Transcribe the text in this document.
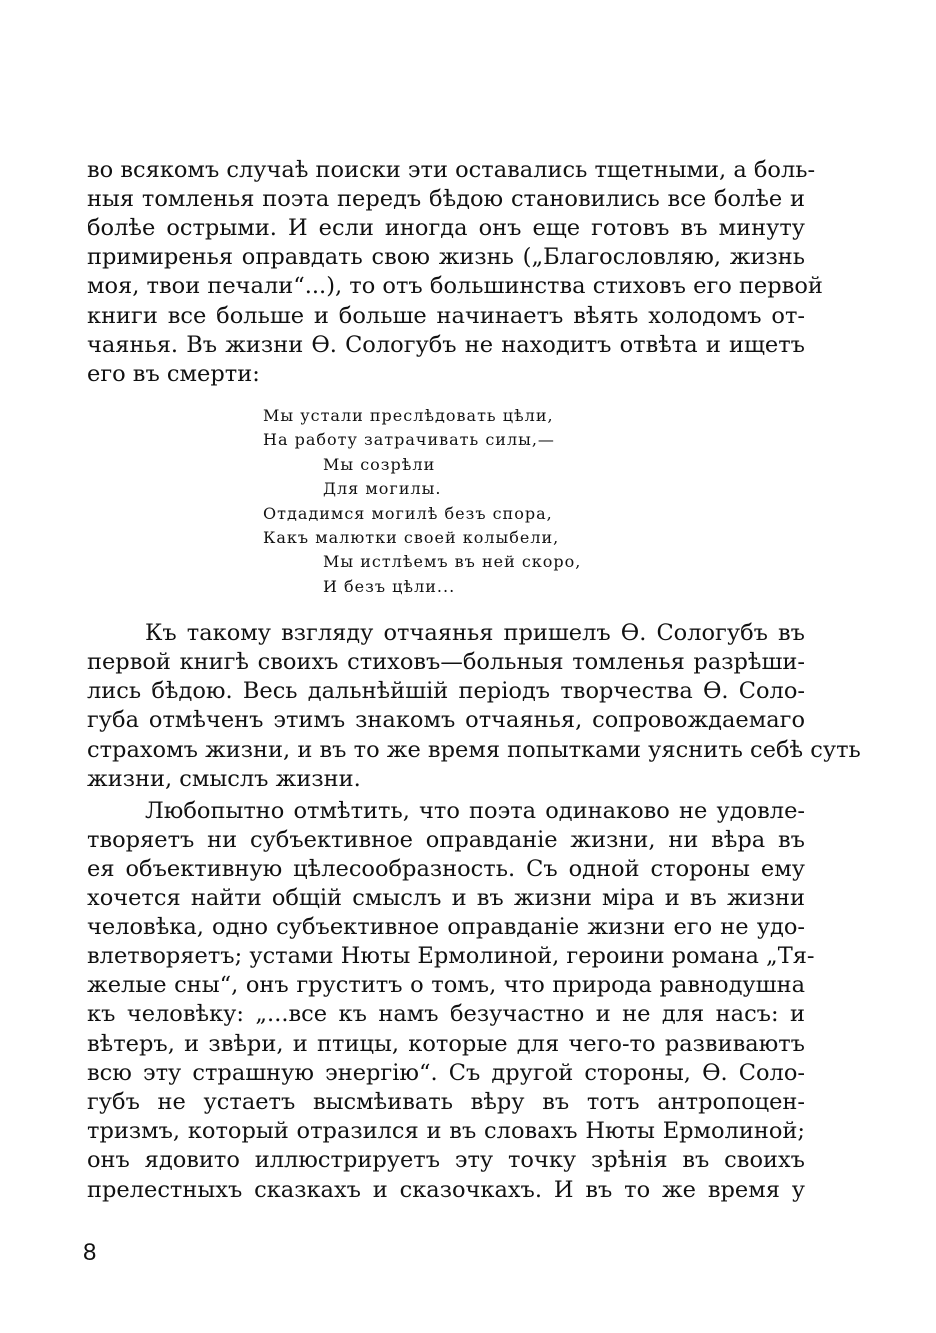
во всякомъ случаѣ поиски эти оставались тщетными, а боль-
ныя томленья поэта передъ бѣдою становились все болѣе и
болѣе острыми. И если иногда онъ еще готовъ въ минуту
примиренья оправдать свою жизнь („Благословляю, жизнь
моя, твои печали“...), то отъ большинства стиховъ его первой
книги все больше и больше начинаетъ вѣять холодомъ от-
чаянья. Въ жизни Ѳ. Сологубъ не находитъ отвѣта и ищетъ
его въ смерти:
Мы устали преслѣдовать цѣли,
На работу затрачивать силы,—
Мы созрѣли
Для могилы.
Отдадимся могилѣ безъ спора,
Какъ малютки своей колыбели,
Мы истлѣемъ въ ней скоро,
И безъ цѣли...
Къ такому взгляду отчаянья пришелъ Ѳ. Сологубъ въ
первой книгѣ своихъ стиховъ—больныя томленья разрѣши-
лись бѣдою. Весь дальнѣйшій періодъ творчества Ѳ. Соло-
губа отмѣченъ этимъ знакомъ отчаянья, сопровождаемаго
страхомъ жизни, и въ то же время попытками уяснить себѣ суть
жизни, смыслъ жизни.
Любопытно отмѣтить, что поэта одинаково не удовле-
творяетъ ни субъективное оправданіе жизни, ни вѣра въ
ея объективную цѣлесообразность. Съ одной стороны ему
хочется найти общій смыслъ и въ жизни міра и въ жизни
человѣка, одно субъективное оправданіе жизни его не удо-
влетворяетъ; устами Нюты Ермолиной, героини романа „Тя-
желые сны“, онъ груститъ о томъ, что природа равнодушна
къ человѣку: „...все къ намъ безучастно и не для насъ: и
вѣтеръ, и звѣри, и птицы, которые для чего-то развиваютъ
всю эту страшную энергію“. Съ другой стороны, Ѳ. Соло-
губъ не устаетъ высмѣивать вѣру въ тотъ антропоцен-
тризмъ, который отразился и въ словахъ Нюты Ермолиной;
онъ ядовито иллюстрируетъ эту точку зрѣнія въ своихъ
прелестныхъ сказкахъ и сказочкахъ. И въ то же время у
8
